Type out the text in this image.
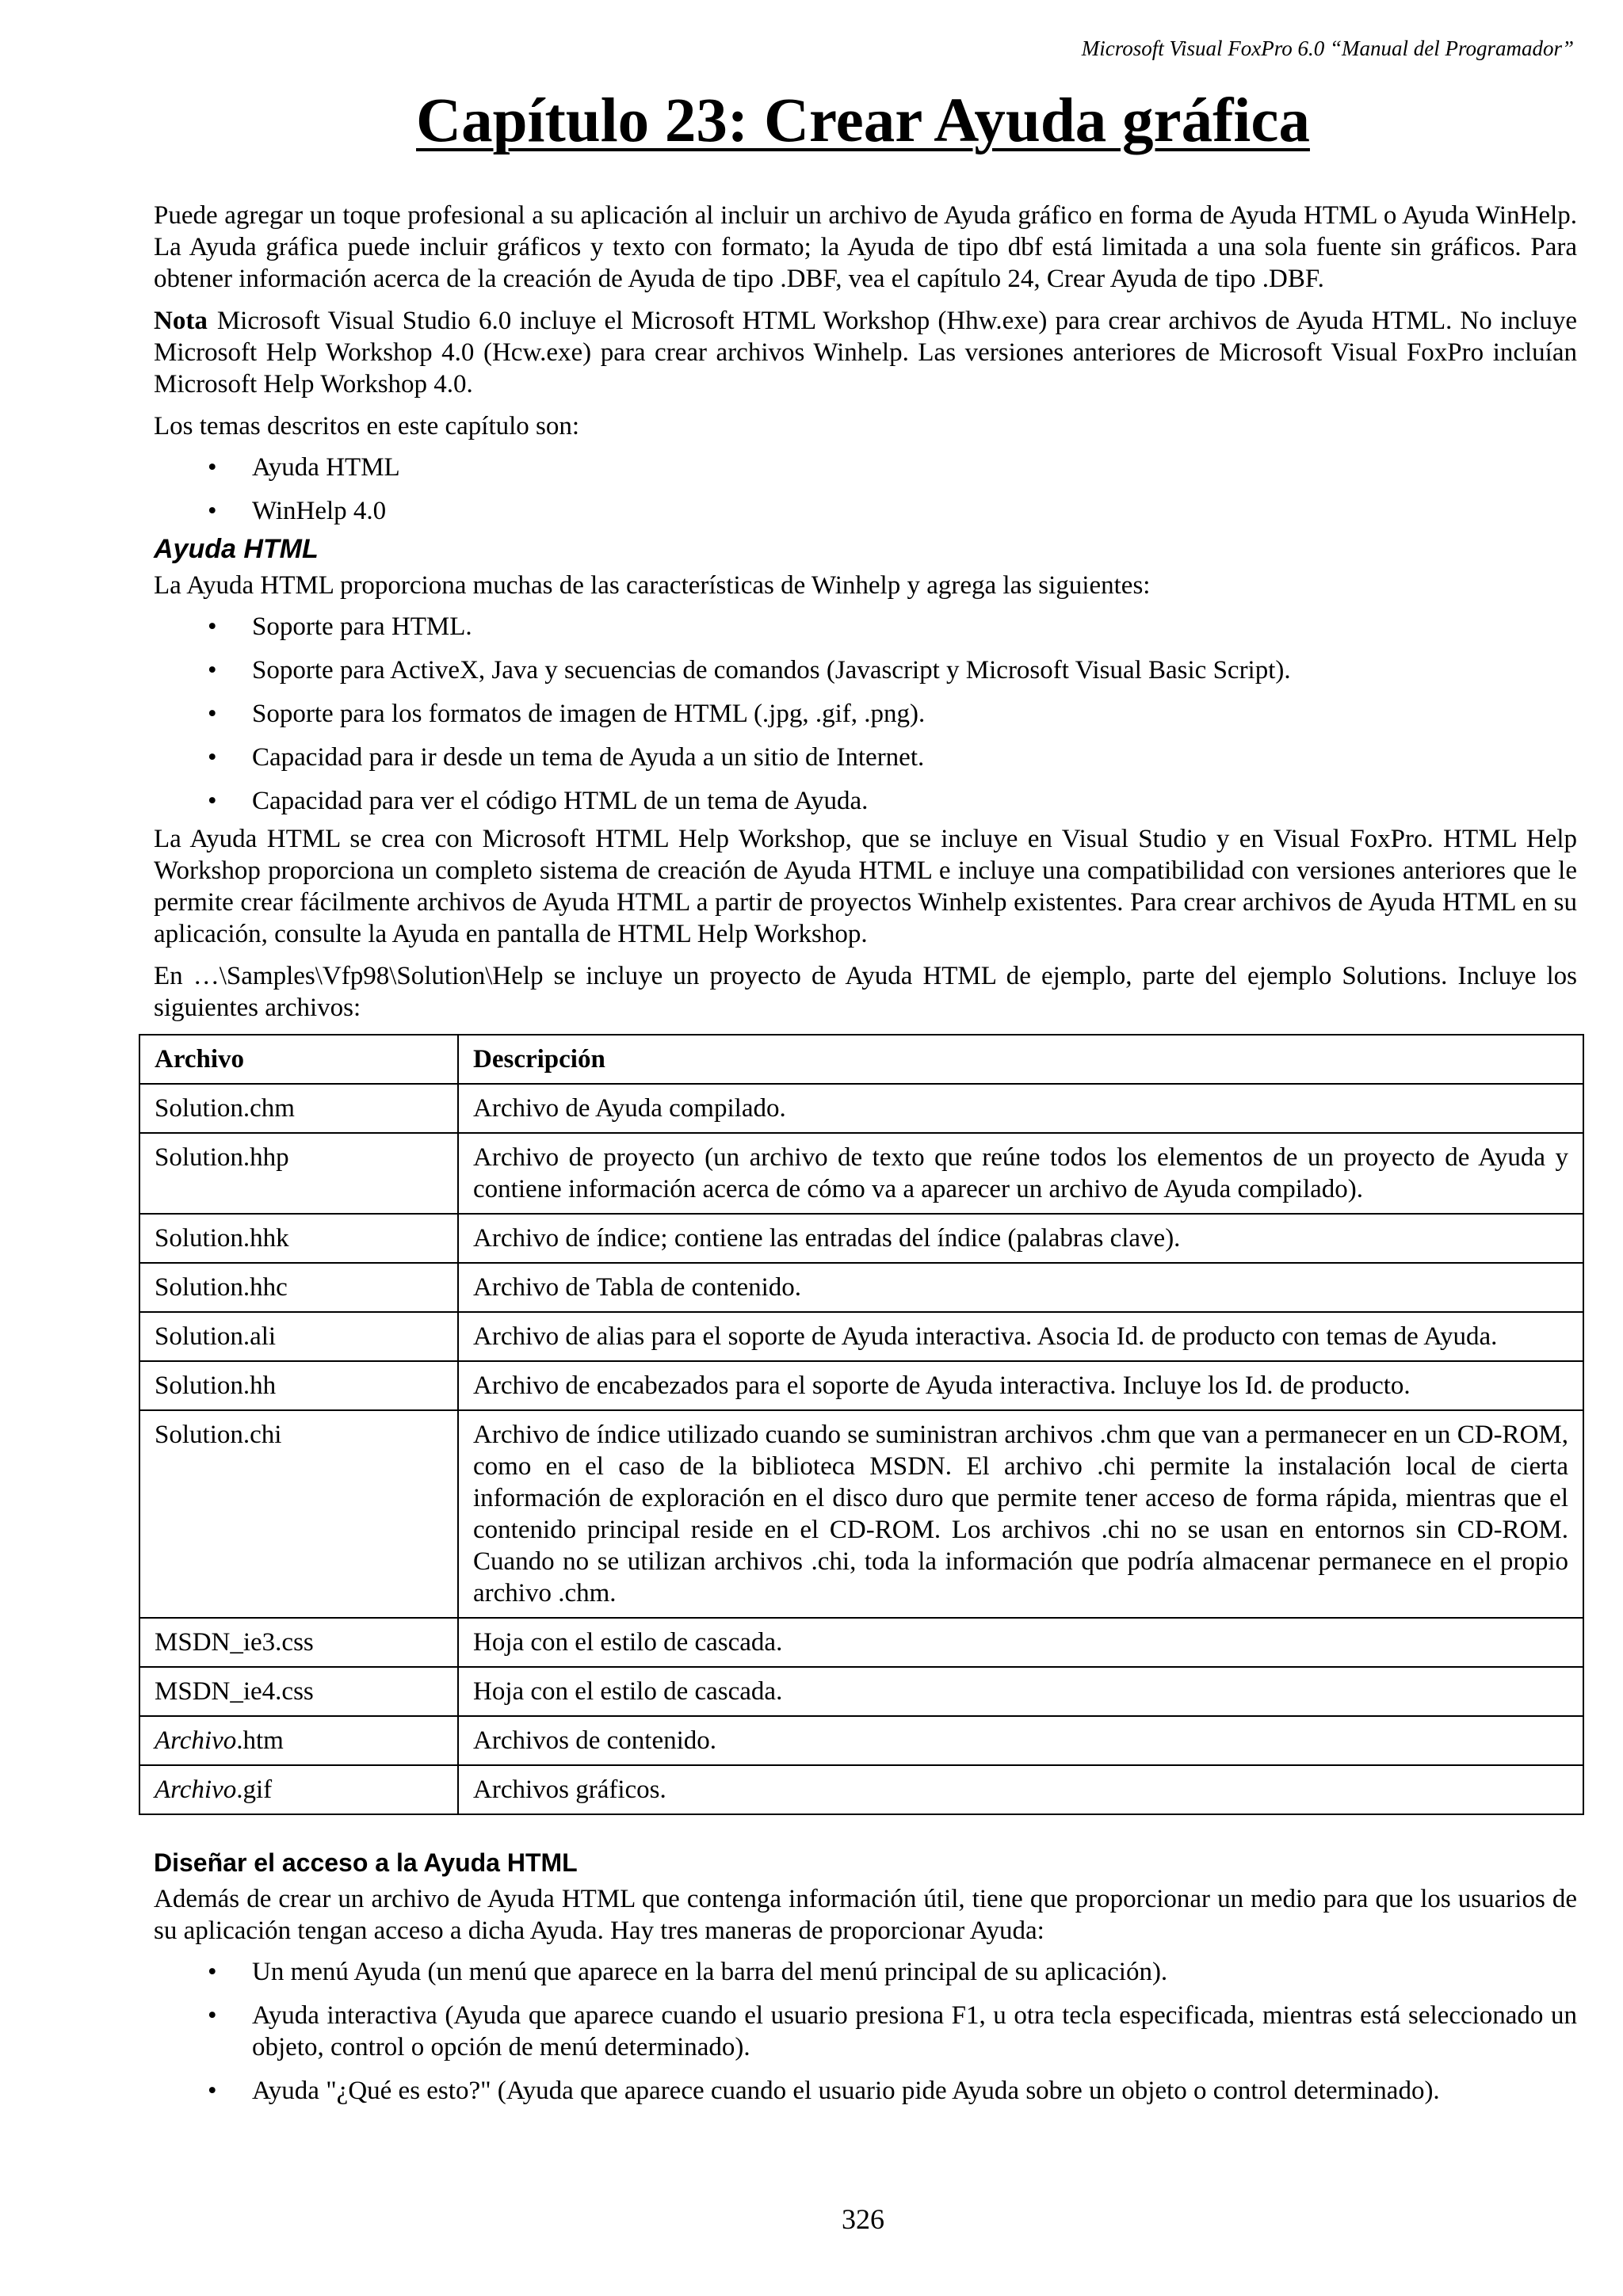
Microsoft Visual FoxPro 6.0 “Manual del Programador”
Capítulo 23: Crear Ayuda gráfica

Puede agregar un toque profesional a su aplicación al incluir un archivo de Ayuda gráfico en forma de Ayuda HTML o Ayuda WinHelp. La Ayuda gráfica puede incluir gráficos y texto con formato; la Ayuda de tipo dbf está limitada a una sola fuente sin gráficos. Para obtener información acerca de la creación de Ayuda de tipo .DBF, vea el capítulo 24, Crear Ayuda de tipo .DBF.

Nota Microsoft Visual Studio 6.0 incluye el Microsoft HTML Workshop (Hhw.exe) para crear archivos de Ayuda HTML. No incluye Microsoft Help Workshop 4.0 (Hcw.exe) para crear archivos Winhelp. Las versiones anteriores de Microsoft Visual FoxPro incluían Microsoft Help Workshop 4.0.

Los temas descritos en este capítulo son:

• Ayuda HTML
• WinHelp 4.0
Ayuda HTML

La Ayuda HTML proporciona muchas de las características de Winhelp y agrega las siguientes:

• Soporte para HTML.
• Soporte para ActiveX, Java y secuencias de comandos (Javascript y Microsoft Visual Basic Script).
• Soporte para los formatos de imagen de HTML (.jpg, .gif, .png).
• Capacidad para ir desde un tema de Ayuda a un sitio de Internet.
• Capacidad para ver el código HTML de un tema de Ayuda.

La Ayuda HTML se crea con Microsoft HTML Help Workshop, que se incluye en Visual Studio y en Visual FoxPro. HTML Help Workshop proporciona un completo sistema de creación de Ayuda HTML e incluye una compatibilidad con versiones anteriores que le permite crear fácilmente archivos de Ayuda HTML a partir de proyectos Winhelp existentes. Para crear archivos de Ayuda HTML en su aplicación, consulte la Ayuda en pantalla de HTML Help Workshop.

En …\Samples\Vfp98\Solution\Help se incluye un proyecto de Ayuda HTML de ejemplo, parte del ejemplo Solutions. Incluye los siguientes archivos:

Archivo	Descripción
Solution.chm	Archivo de Ayuda compilado.
Solution.hhp	Archivo de proyecto (un archivo de texto que reúne todos los elementos de un proyecto de Ayuda y contiene información acerca de cómo va a aparecer un archivo de Ayuda compilado).
Solution.hhk	Archivo de índice; contiene las entradas del índice (palabras clave).
Solution.hhc	Archivo de Tabla de contenido.
Solution.ali	Archivo de alias para el soporte de Ayuda interactiva. Asocia Id. de producto con temas de Ayuda.
Solution.hh	Archivo de encabezados para el soporte de Ayuda interactiva. Incluye los Id. de producto.
Solution.chi	Archivo de índice utilizado cuando se suministran archivos .chm que van a permanecer en un CD-ROM, como en el caso de la biblioteca MSDN. El archivo .chi permite la instalación local de cierta información de exploración en el disco duro que permite tener acceso de forma rápida, mientras que el contenido principal reside en el CD-ROM. Los archivos .chi no se usan en entornos sin CD-ROM. Cuando no se utilizan archivos .chi, toda la información que podría almacenar permanece en el propio archivo .chm.
MSDN_ie3.css	Hoja con el estilo de cascada.
MSDN_ie4.css	Hoja con el estilo de cascada.
Archivo.htm	Archivos de contenido.
Archivo.gif	Archivos gráficos.
Diseñar el acceso a la Ayuda HTML

Además de crear un archivo de Ayuda HTML que contenga información útil, tiene que proporcionar un medio para que los usuarios de su aplicación tengan acceso a dicha Ayuda. Hay tres maneras de proporcionar Ayuda:

• Un menú Ayuda (un menú que aparece en la barra del menú principal de su aplicación).
• Ayuda interactiva (Ayuda que aparece cuando el usuario presiona F1, u otra tecla especificada, mientras está seleccionado un objeto, control o opción de menú determinado).
• Ayuda "¿Qué es esto?" (Ayuda que aparece cuando el usuario pide Ayuda sobre un objeto o control determinado).
326
